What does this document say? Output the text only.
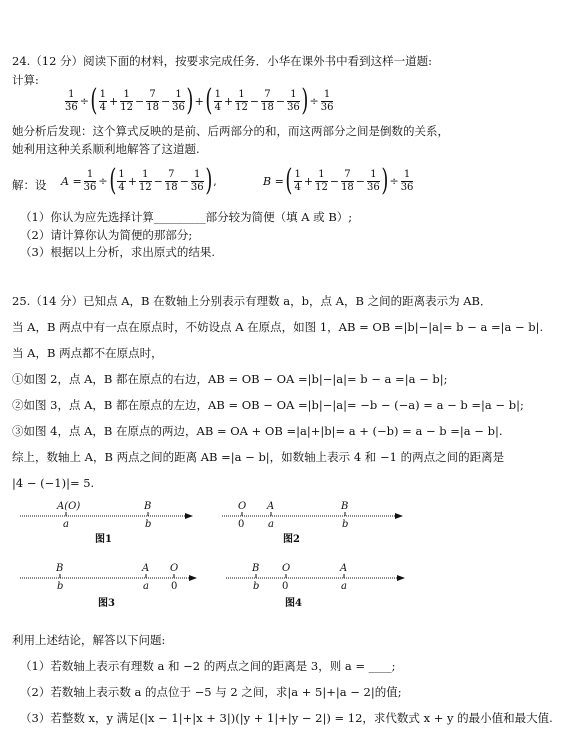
24.（12 分）阅读下面的材料，按要求完成任务．小华在课外书中看到这样一道题:
计算:
$\frac{1}{36}$ ÷( $\frac{1}{4} + \frac{1}{12} - \frac{7}{18} - \frac{1}{36}$ )+( $\frac{1}{4} + \frac{1}{12} - \frac{7}{18} - \frac{1}{36}$ )÷ $\frac{1}{36}$
她分析后发现：这个算式反映的是前、后两部分的和，而这两部分之间是倒数的关系，
她利用这种关系顺利地解答了这道题.
解：设 $A = \frac{1}{36}$ ÷( $\frac{1}{4} + \frac{1}{12} - \frac{7}{18} - \frac{1}{36}$ ),	B =( $\frac{1}{4} + \frac{1}{12} - \frac{7}{18} - \frac{1}{36}$ )÷ $\frac{1}{36}$
（1）你认为应先选择计算_________部分较为简便（填 A 或 B）;
（2）请计算你认为简便的那部分;
（3）根据以上分析，求出原式的结果.
25.（14 分）已知点 A，B 在数轴上分别表示有理数 a，b，点 A，B 之间的距离表示为 AB．
当 A，B 两点中有一点在原点时，不妨设点 A 在原点，如图 1，AB = OB =|b|−|a|= b − a =|a − b|.
当 A，B 两点都不在原点时，
①如图 2，点 A，B 都在原点的右边，AB = OB − OA =|b|−|a|= b − a =|a − b|;
②如图 3，点 A，B 都在原点的左边，AB = OB − OA =|b|−|a|= −b − (−a) = a − b =|a − b|;
③如图 4，点 A，B 在原点的两边，AB = OA + OB =|a|+|b|= a + (−b) = a − b =|a − b|.
综上，数轴上 A，B 两点之间的距离 AB =|a − b|，如数轴上表示 4 和 −1 的两点之间的距离是
|4 − (−1)|= 5.
A(O)	B
a	b
图1
O A	B
0 a	b
图2
B	A O
b	a 0
图3
B O	A
b 0	a
图4
利用上述结论，解答以下问题:
（1）若数轴上表示有理数 a 和 −2 的两点之间的距离是 3，则 a = ____;
（2）若数轴上表示数 a 的点位于 −5 与 2 之间，求|a + 5|+|a − 2|的值;
（3）若整数 x，y 满足(|x − 1|+|x + 3|)(|y + 1|+|y − 2|) = 12，求代数式 x + y 的最小值和最大值.
